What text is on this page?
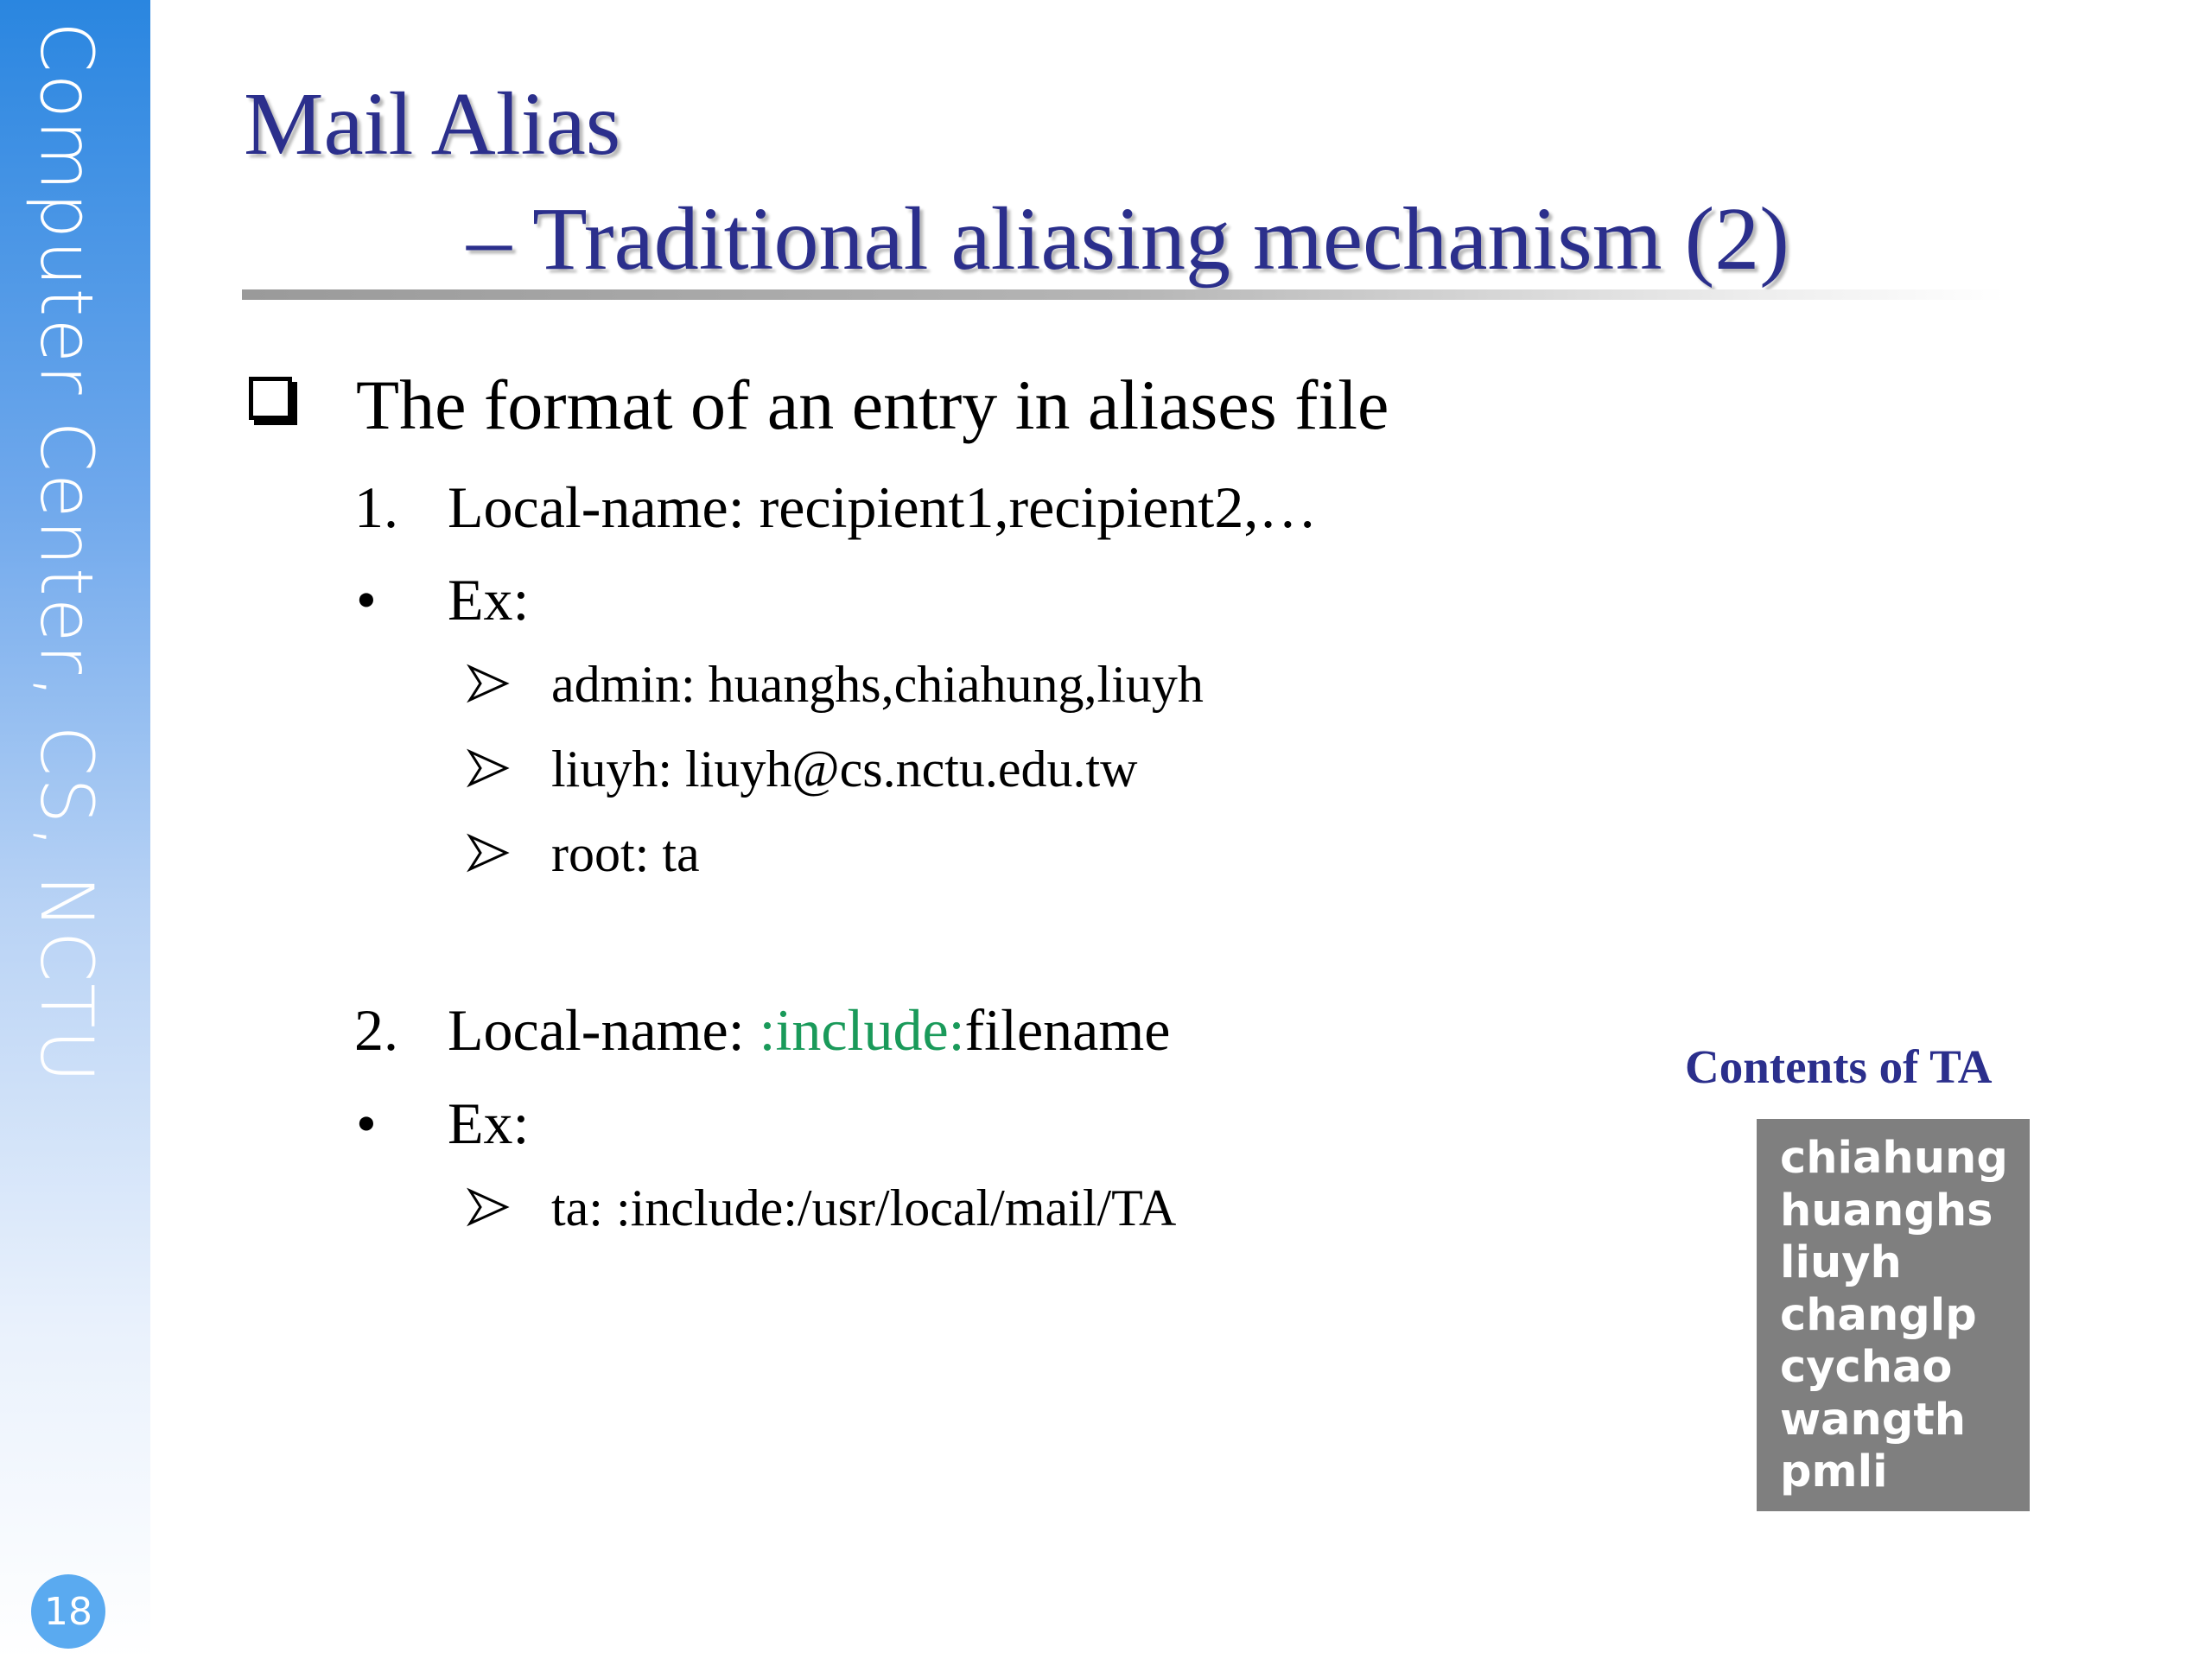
Computer Center, CS, NCTU
18
Mail Alias
– Traditional aliasing mechanism (2)
The format of an entry in aliases file
1. Local-name: recipient1,recipient2,…
• Ex:
admin: huanghs,chiahung,liuyh
liuyh: liuyh@cs.nctu.edu.tw
root: ta
2. Local-name: :include:filename
• Ex:
ta: :include:/usr/local/mail/TA
Contents of TA
chiahung
huanghs
liuyh
changlp
cychao
wangth
pmli
